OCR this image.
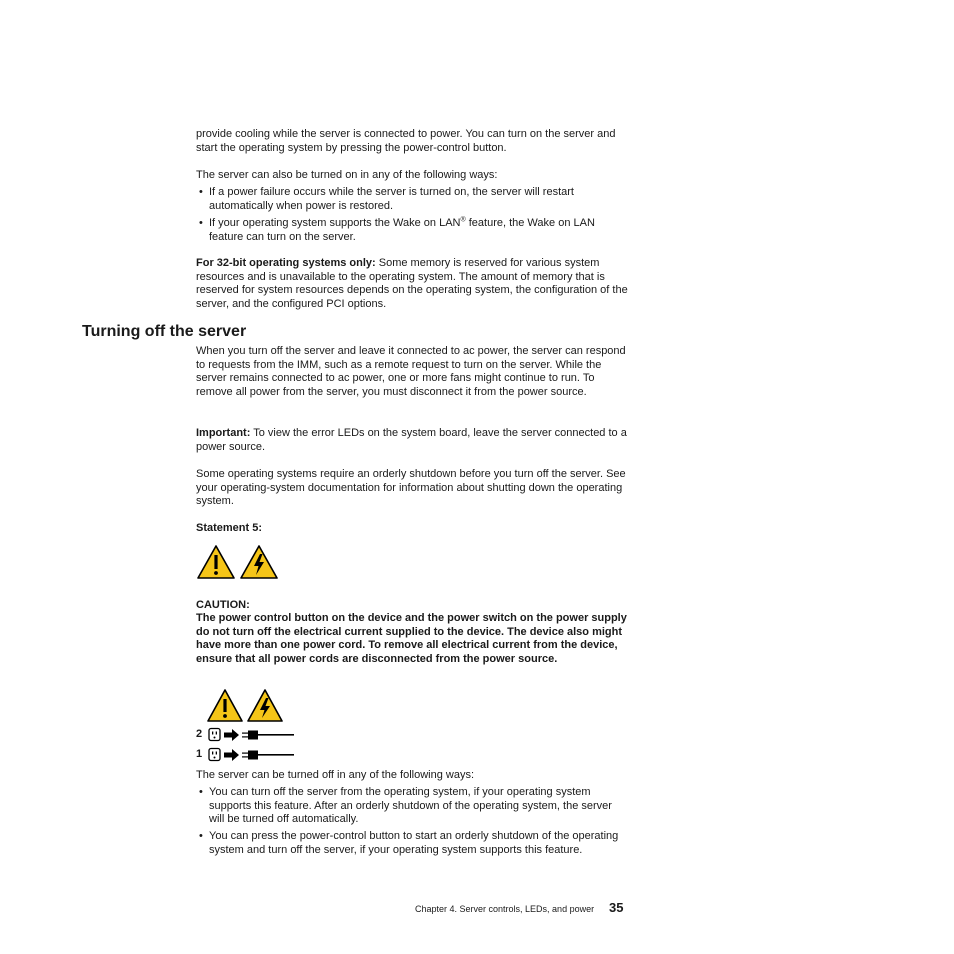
provide cooling while the server is connected to power. You can turn on the server and start the operating system by pressing the power-control button.

The server can also be turned on in any of the following ways:

• If a power failure occurs while the server is turned on, the server will restart automatically when power is restored.
• If your operating system supports the Wake on LAN® feature, the Wake on LAN feature can turn on the server.

For 32-bit operating systems only: Some memory is reserved for various system resources and is unavailable to the operating system. The amount of memory that is reserved for system resources depends on the operating system, the configuration of the server, and the configured PCI options.

Turning off the server

When you turn off the server and leave it connected to ac power, the server can respond to requests from the IMM, such as a remote request to turn on the server. While the server remains connected to ac power, one or more fans might continue to run. To remove all power from the server, you must disconnect it from the power source.

Important: To view the error LEDs on the system board, leave the server connected to a power source.

Some operating systems require an orderly shutdown before you turn off the server. See your operating-system documentation for information about shutting down the operating system.

Statement 5:

CAUTION:

The power control button on the device and the power switch on the power supply do not turn off the electrical current supplied to the device. The device also might have more than one power cord. To remove all electrical current from the device, ensure that all power cords are disconnected from the power source.

2
1

The server can be turned off in any of the following ways:

• You can turn off the server from the operating system, if your operating system supports this feature. After an orderly shutdown of the operating system, the server will be turned off automatically.
• You can press the power-control button to start an orderly shutdown of the operating system and turn off the server, if your operating system supports this feature.
Chapter 4. Server controls, LEDs, and power 35
